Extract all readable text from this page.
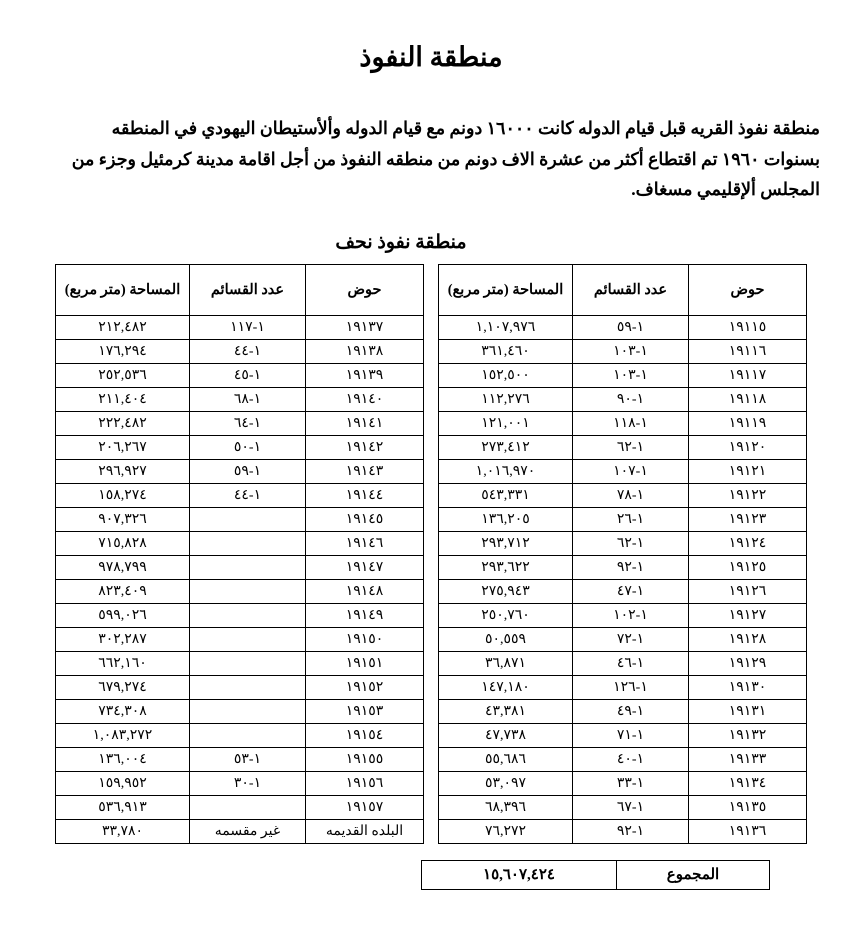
منطقة النفوذ
منطقة نفوذ القريه قبل قيام الدوله كانت ١٦٠٠٠ دونم مع قيام الدوله وألأستيطان اليهودي في المنطقه بسنوات ١٩٦٠ تم اقتطاع أكثر من عشرة الاف دونم من منطقه النفوذ من أجل اقامة مدينة كرمئيل وجزء من المجلس ألإقليمي مسغاف.
منطقة نفوذ نحف
حوض	عدد القسائم	المساحة (متر مربع)
١٩١١٥	١-٥٩	١,١٠٧,٩٧٦
١٩١١٦	١-١٠٣	٣٦١,٤٦٠
١٩١١٧	١-١٠٣	١٥٢,٥٠٠
١٩١١٨	١-٩٠	١١٢,٢٧٦
١٩١١٩	١-١١٨	١٢١,٠٠١
١٩١٢٠	١-٦٢	٢٧٣,٤١٢
١٩١٢١	١-١٠٧	١,٠١٦,٩٧٠
١٩١٢٢	١-٧٨	٥٤٣,٣٣١
١٩١٢٣	١-٢٦	١٣٦,٢٠٥
١٩١٢٤	١-٦٢	٢٩٣,٧١٢
١٩١٢٥	١-٩٢	٢٩٣,٦٢٢
١٩١٢٦	١-٤٧	٢٧٥,٩٤٣
١٩١٢٧	١-١٠٢	٢٥٠,٧٦٠
١٩١٢٨	١-٧٢	٥٠,٥٥٩
١٩١٢٩	١-٤٦	٣٦,٨٧١
١٩١٣٠	١-١٢٦	١٤٧,١٨٠
١٩١٣١	١-٤٩	٤٣,٣٨١
١٩١٣٢	١-٧١	٤٧,٧٣٨
١٩١٣٣	١-٤٠	٥٥,٦٨٦
١٩١٣٤	١-٣٣	٥٣,٠٩٧
١٩١٣٥	١-٦٧	٦٨,٣٩٦
١٩١٣٦	١-٩٢	٧٦,٢٧٢
حوض	عدد القسائم	المساحة (متر مربع)
١٩١٣٧	١-١١٧	٢١٢,٤٨٢
١٩١٣٨	١-٤٤	١٧٦,٢٩٤
١٩١٣٩	١-٤٥	٢٥٢,٥٣٦
١٩١٤٠	١-٦٨	٢١١,٤٠٤
١٩١٤١	١-٦٤	٢٢٢,٤٨٢
١٩١٤٢	١-٥٠	٢٠٦,٢٦٧
١٩١٤٣	١-٥٩	٢٩٦,٩٢٧
١٩١٤٤	١-٤٤	١٥٨,٢٧٤
١٩١٤٥		٩٠٧,٣٢٦
١٩١٤٦		٧١٥,٨٢٨
١٩١٤٧		٩٧٨,٧٩٩
١٩١٤٨		٨٢٣,٤٠٩
١٩١٤٩		٥٩٩,٠٢٦
١٩١٥٠		٣٠٢,٢٨٧
١٩١٥١		٦٦٢,١٦٠
١٩١٥٢		٦٧٩,٢٧٤
١٩١٥٣		٧٣٤,٣٠٨
١٩١٥٤		١,٠٨٣,٢٧٢
١٩١٥٥	١-٥٣	١٣٦,٠٠٤
١٩١٥٦	١-٣٠	١٥٩,٩٥٢
١٩١٥٧		٥٣٦,٩١٣
البلده القديمه	غير مقسمه	٣٣,٧٨٠
المجموع	١٥,٦٠٧,٤٢٤
